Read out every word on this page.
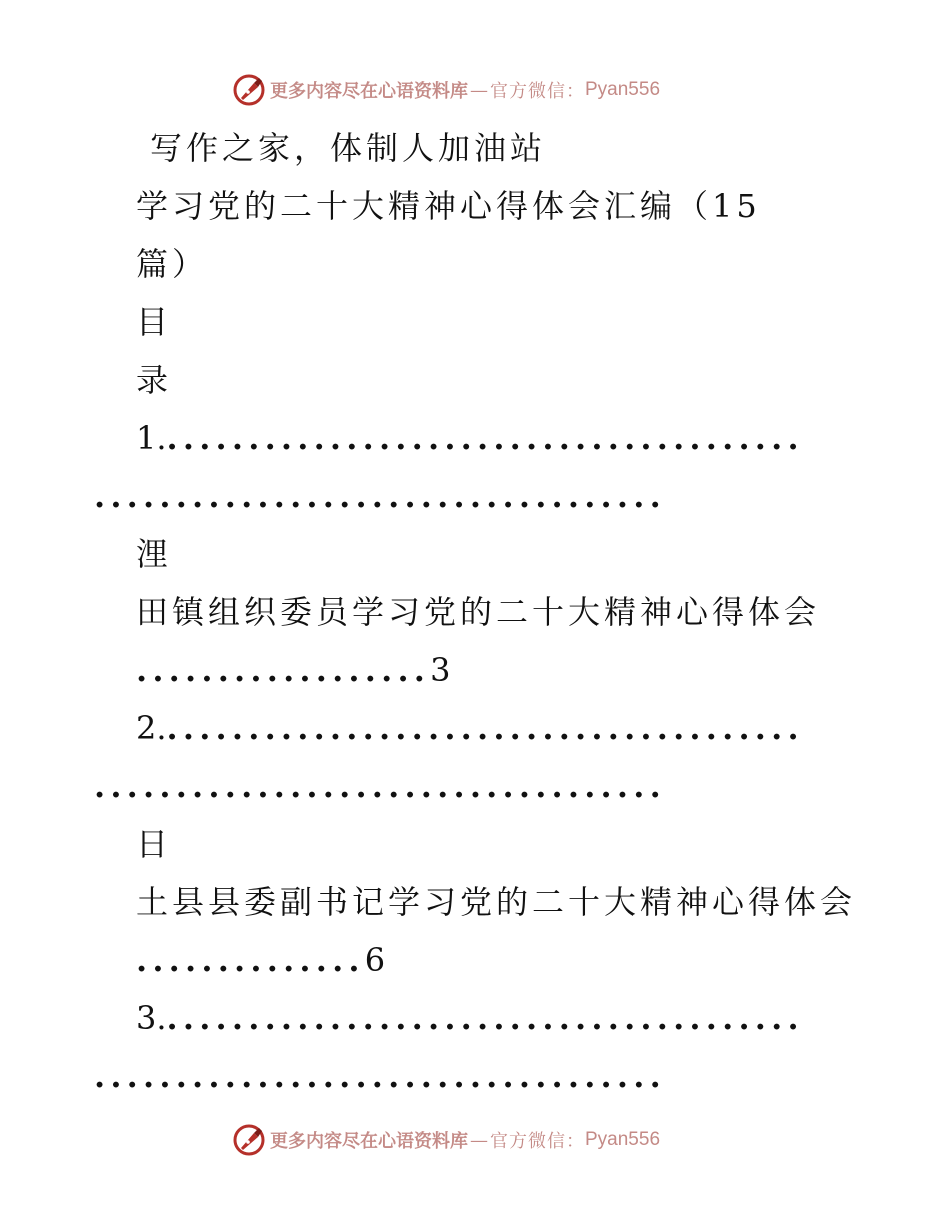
更多内容尽在心语资料库 — 官方微信： Pyan556
写作之家，体制人加油站
学习党的二十大精神心得体会汇编（15
篇）
目
录
1........................................
...................................
浬
田镇组织委员学习党的二十大精神心得体会
..................3
2........................................
...................................
日
土县县委副书记学习党的二十大精神心得体会
..............6
3........................................
...................................
更多内容尽在心语资料库 — 官方微信： Pyan556
